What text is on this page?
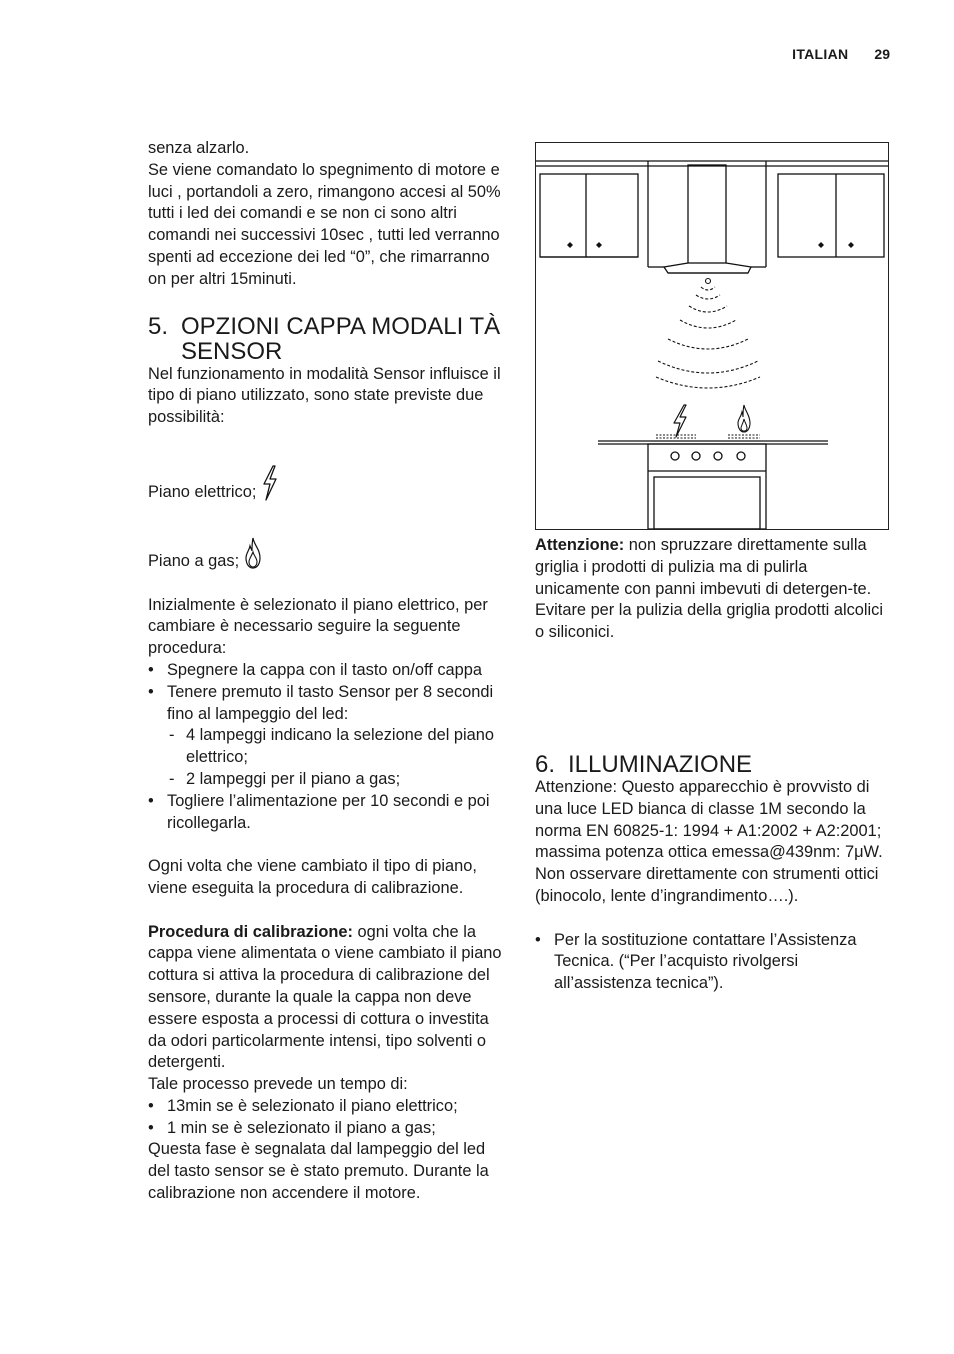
ITALIAN 29

senza alzarlo.

Se viene comandato lo spegnimento di motore e luci , portandoli a zero, rimangono accesi al 50% tutti i led dei comandi e se non ci sono altri comandi nei successivi 10sec , tutti led verranno spenti ad eccezione dei led “0”, che rimarranno on per altri 15minuti.

5. OPZIONI CAPPA MODALI TÀ SENSOR

Nel funzionamento in modalità Sensor influisce il tipo di piano utilizzato, sono state previste due possibilità:

Piano elettrico;

Piano a gas;

Inizialmente è selezionato il piano elettrico, per cambiare è necessario seguire la seguente procedura:

• Spegnere la cappa con il tasto on/off cappa
• Tenere premuto il tasto Sensor per 8 secondi fino al lampeggio del led:
- 4 lampeggi indicano la selezione del piano elettrico;
- 2 lampeggi per il piano a gas;
• Togliere l’alimentazione per 10 secondi e poi ricollegarla.

Ogni volta che viene cambiato il tipo di piano, viene eseguita la procedura di calibrazione.

Procedura di calibrazione: ogni volta che la cappa viene alimentata o viene cambiato il piano cottura si attiva la procedura di calibrazione del sensore, durante la quale la cappa non deve essere esposta a processi di cottura o investita da odori particolarmente intensi, tipo solventi o detergenti.

Tale processo prevede un tempo di:

• 13min se è selezionato il piano elettrico;
• 1 min se è selezionato il piano a gas;

Questa fase è segnalata dal lampeggio del led del tasto sensor se è stato premuto. Durante la calibrazione non accendere il motore.

Attenzione: non spruzzare direttamente sulla griglia i prodotti di pulizia ma di pulirla unicamente con panni imbevuti di detergen-te. Evitare per la pulizia della griglia prodotti alcolici o siliconici.

6. ILLUMINAZIONE

Attenzione: Questo apparecchio è provvisto di una luce LED bianca di classe 1M secondo la norma EN 60825-1: 1994 + A1:2002 + A2:2001; massima potenza ottica emessa@439nm: 7μW. Non osservare direttamente con strumenti ottici (binocolo, lente d’ingrandimento….).

• Per la sostituzione contattare l’Assistenza Tecnica. (“Per l’acquisto rivolgersi all’assistenza tecnica”).
